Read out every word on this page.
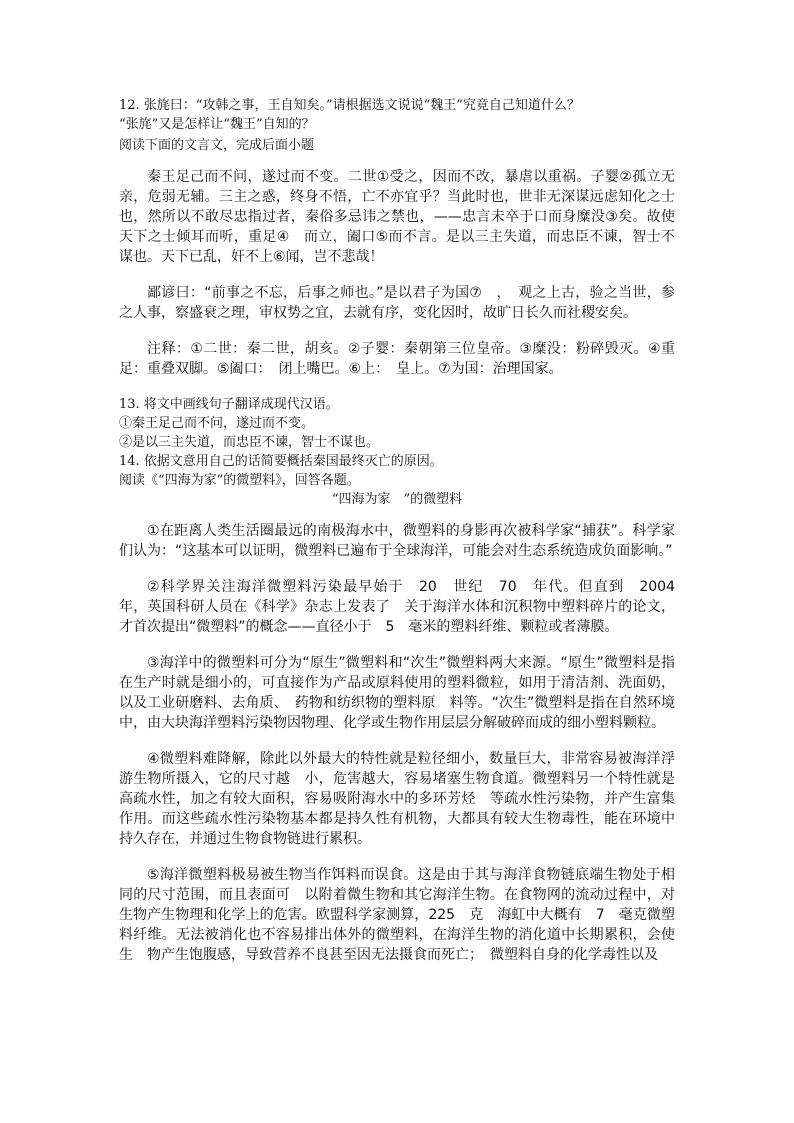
12. 张旄曰：“攻韩之事，王自知矣。”请根据选文说说“魏王”究竟自己知道什么？
“张旄”又是怎样让“魏王”自知的？
阅读下面的文言文，完成后面小题

秦王足己而不问，遂过而不变。二世①受之，因而不改，暴虐以重祸。子婴②孤立无亲，危弱无辅。三主之惑，终身不悟，亡不亦宜乎？当此时也，世非无深谋远虑知化之士也，然所以不敢尽忠指过者，秦俗多忌讳之禁也，——忠言未卒于口而身糜没③矣。故使天下之士倾耳而听，重足④　而立，阖口⑤而不言。是以三主失道，而忠臣不谏，智士不谋也。天下已乱，奸不上⑥闻，岂不悲哉！

鄙谚曰：“前事之不忘，后事之师也。”是以君子为国⑦　，　观之上古，验之当世，参之人事，察盛衰之理，审权势之宜，去就有序，变化因时，故旷日长久而社稷安矣。

注释：①二世：秦二世，胡亥。②子婴：秦朝第三位皇帝。③糜没：粉碎毁灭。④重足：重叠双脚。⑤阖口：　闭上嘴巴。⑥上：　皇上。⑦为国：治理国家。

13. 将文中画线句子翻译成现代汉语。
①秦王足己而不问，遂过而不变。
②是以三主失道，而忠臣不谏，智士不谋也。
14. 依据文意用自己的话简要概括秦国最终灭亡的原因。
阅读《“四海为家”的微塑料》，回答各题。
“四海为家　”的微塑料

①在距离人类生活圈最远的南极海水中，微塑料的身影再次被科学家“捕获”。科学家们认为：“这基本可以证明，微塑料已遍布于全球海洋，可能会对生态系统造成负面影响。”

②科学界关注海洋微塑料污染最早始于　20　世纪　70　年代。但直到　2004　年，英国科研人员在《科学》杂志上发表了　关于海洋水体和沉积物中塑料碎片的论文，才首次提出“微塑料”的概念——直径小于　5　毫米的塑料纤维、颗粒或者薄膜。

③海洋中的微塑料可分为“原生”微塑料和“次生”微塑料两大来源。“原生”微塑料是指在生产时就是细小的，可直接作为产品或原料使用的塑料微粒，如用于清洁剂、洗面奶，以及工业研磨料、去角质、　药物和纺织物的塑料原　料等。“次生”微塑料是指在自然环境中，由大块海洋塑料污染物因物理、化学或生物作用层层分解破碎而成的细小塑料颗粒。

④微塑料难降解，除此以外最大的特性就是粒径细小，数量巨大，非常容易被海洋浮游生物所摄入，它的尺寸越　小，危害越大，容易堵塞生物食道。微塑料另一个特性就是高疏水性，加之有较大面积，容易吸附海水中的多环芳烃　等疏水性污染物，并产生富集作用。而这些疏水性污染物基本都是持久性有机物，大都具有较大生物毒性，能在环境中持久存在，并通过生物食物链进行累积。

⑤海洋微塑料极易被生物当作饵料而误食。这是由于其与海洋食物链底端生物处于相同的尺寸范围，而且表面可　以附着微生物和其它海洋生物。在食物网的流动过程中，对生物产生物理和化学上的危害。欧盟科学家测算，225　克　海虹中大概有　7　毫克微塑料纤维。无法被消化也不容易排出体外的微塑料，在海洋生物的消化道中长期累积，会使生　物产生饱腹感，导致营养不良甚至因无法摄食而死亡；　微塑料自身的化学毒性以及
